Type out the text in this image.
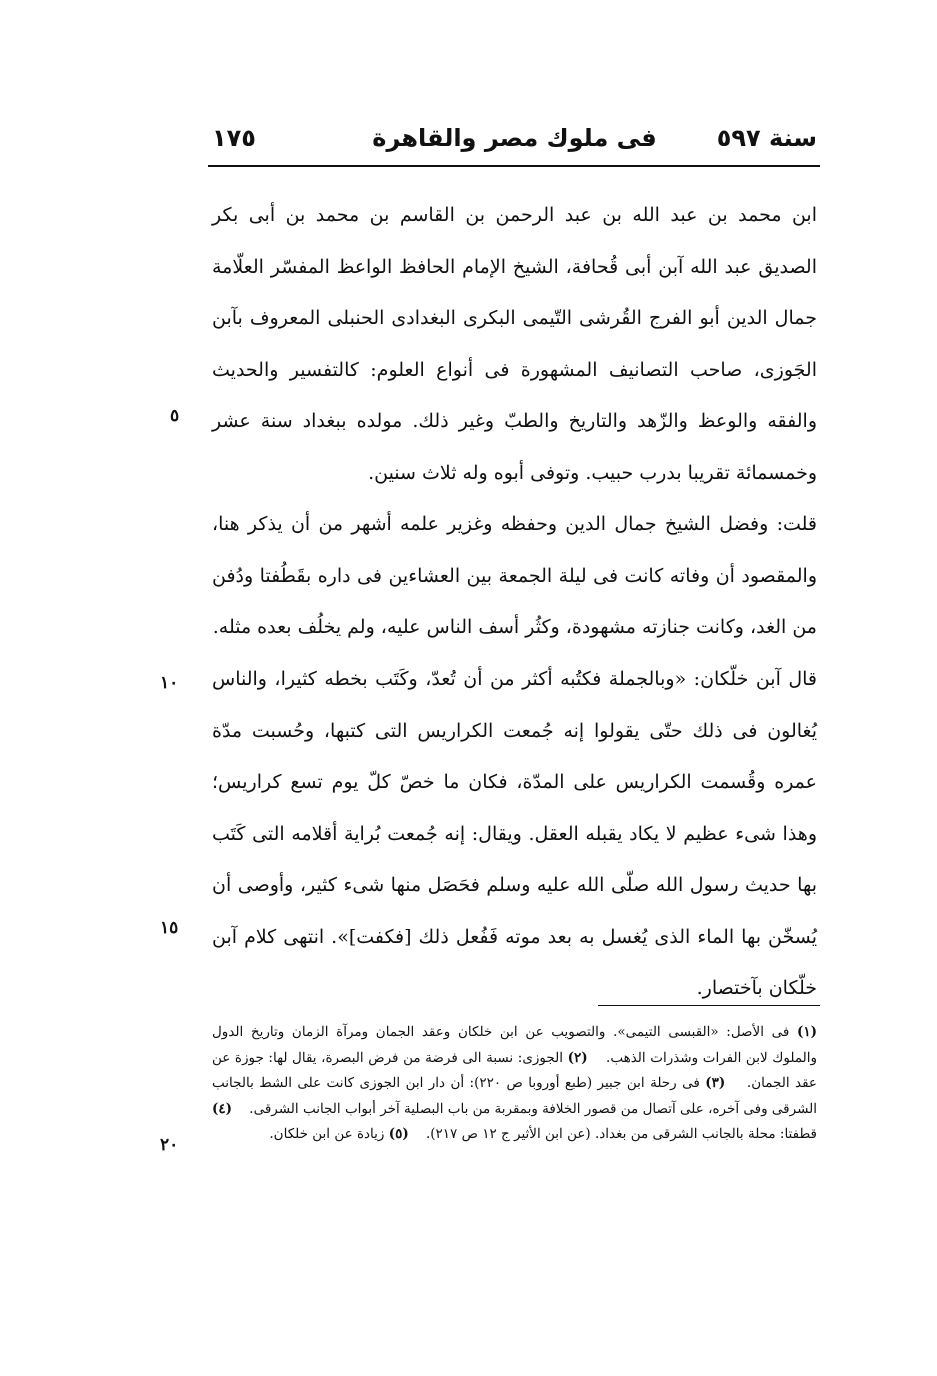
سنة ٥٩٧
فى ملوك مصر والقاهرة
١٧٥

ابن محمد بن عبد الله بن عبد الرحمن بن القاسم بن محمد بن أبى بكر الصديق عبد الله آبن أبى قُحافة، الشيخ الإمام الحافظ الواعظ المفسّر العلّامة جمال الدين أبو الفرج القُرشى التّيمى البكرى البغدادى الحنبلى المعروف بآبن الجَوزى، صاحب التصانيف المشهورة فى أنواع العلوم: كالتفسير والحديث والفقه والوعظ والزّهد والتاريخ والطبّ وغير ذلك. مولده ببغداد سنة عشر وخمسمائة تقريبا بدرب حبيب. وتوفى أبوه وله ثلاث سنين.

قلت: وفضل الشيخ جمال الدين وحفظه وغزير علمه أشهر من أن يذكر هنا، والمقصود أن وفاته كانت فى ليلة الجمعة بين العشاءين فى داره بقَطُفتا ودُفن من الغد، وكانت جنازته مشهودة، وكثُر أسف الناس عليه، ولم يخلُف بعده مثله.

قال آبن خلّكان: «وبالجملة فكتُبه أكثر من أن تُعدّ، وكَتَب بخطه كثيرا، والناس يُغالون فى ذلك حتّى يقولوا إنه جُمعت الكراريس التى كتبها، وحُسبت مدّة عمره وقُسمت الكراريس على المدّة، فكان ما خصّ كلّ يوم تسع كراريس؛ وهذا شىء عظيم لا يكاد يقبله العقل. ويقال: إنه جُمعت بُراية أقلامه التى كَتَب بها حديث رسول الله صلّى الله عليه وسلم فحَصَل منها شىء كثير، وأوصى أن يُسخّن بها الماء الذى يُغسل به بعد موته فَفُعل ذلك [فكفت]». انتهى كلام آبن خلّكان بآختصار.

٥
١٠
١٥
٢٠

(١) فى الأصل: «القبسى التيمى». والتصويب عن ابن خلكان وعقد الجمان ومرآة الزمان وتاريخ الدول والملوك لابن الفرات وشذرات الذهب.    (٢) الجوزى: نسبة الى فرضة من فرض البصرة، يقال لها: جوزة عن عقد الجمان.    (٣) فى رحلة ابن جبير (طبع أوروبا ص ٢٢٠): أن دار ابن الجوزى كانت على الشط بالجانب الشرقى وفى آخره، على آتصال من قصور الخلافة وبمقربة من باب البصلية آخر أبواب الجانب الشرقى.    (٤) قطفتا: محلة بالجانب الشرقى من بغداد. (عن ابن الأثير ج ١٢ ص ٢١٧).    (٥) زيادة عن ابن خلكان.
